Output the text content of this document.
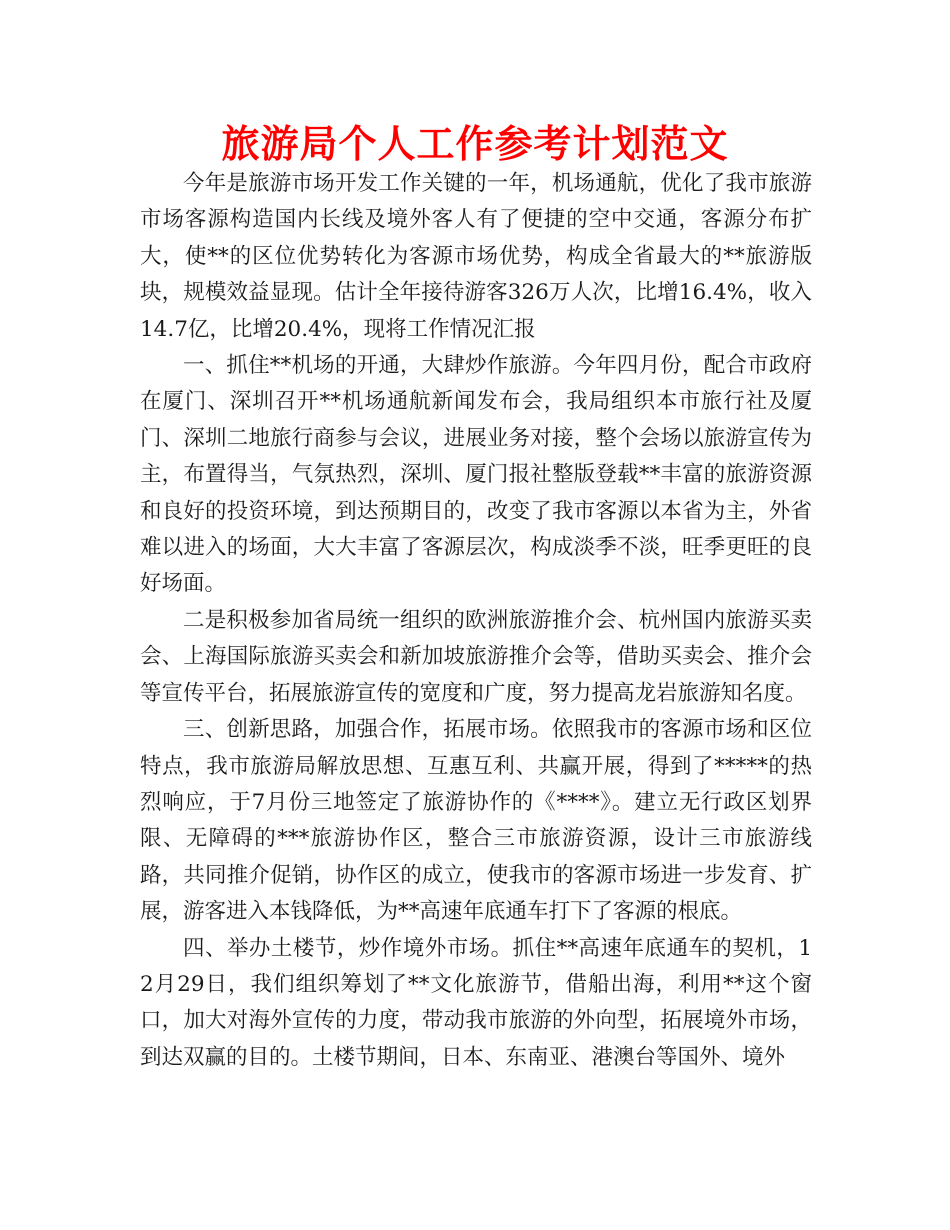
旅游局个人工作参考计划范文

今年是旅游市场开发工作关键的一年，机场通航，优化了我市旅游市场客源构造国内长线及境外客人有了便捷的空中交通，客源分布扩大，使**的区位优势转化为客源市场优势，构成全省最大的**旅游版块，规模效益显现。估计全年接待游客326万人次，比增16.4%，收入14.7亿，比增20.4%，现将工作情况汇报

一、抓住**机场的开通，大肆炒作旅游。今年四月份，配合市政府在厦门、深圳召开**机场通航新闻发布会，我局组织本市旅行社及厦门、深圳二地旅行商参与会议，进展业务对接，整个会场以旅游宣传为主，布置得当，气氛热烈，深圳、厦门报社整版登载**丰富的旅游资源和良好的投资环境，到达预期目的，改变了我市客源以本省为主，外省难以进入的场面，大大丰富了客源层次，构成淡季不淡，旺季更旺的良好场面。

二是积极参加省局统一组织的欧洲旅游推介会、杭州国内旅游买卖会、上海国际旅游买卖会和新加坡旅游推介会等，借助买卖会、推介会等宣传平台，拓展旅游宣传的宽度和广度，努力提高龙岩旅游知名度。

三、创新思路，加强合作，拓展市场。依照我市的客源市场和区位特点，我市旅游局解放思想、互惠互利、共赢开展，得到了*****的热烈响应，于7月份三地签定了旅游协作的《****》。建立无行政区划界限、无障碍的***旅游协作区，整合三市旅游资源，设计三市旅游线路，共同推介促销，协作区的成立，使我市的客源市场进一步发育、扩展，游客进入本钱降低，为**高速年底通车打下了客源的根底。

四、举办土楼节，炒作境外市场。抓住**高速年底通车的契机，12月29日，我们组织筹划了**文化旅游节，借船出海，利用**这个窗口，加大对海外宣传的力度，带动我市旅游的外向型，拓展境外市场，到达双赢的目的。土楼节期间，日本、东南亚、港澳台等国外、境外
